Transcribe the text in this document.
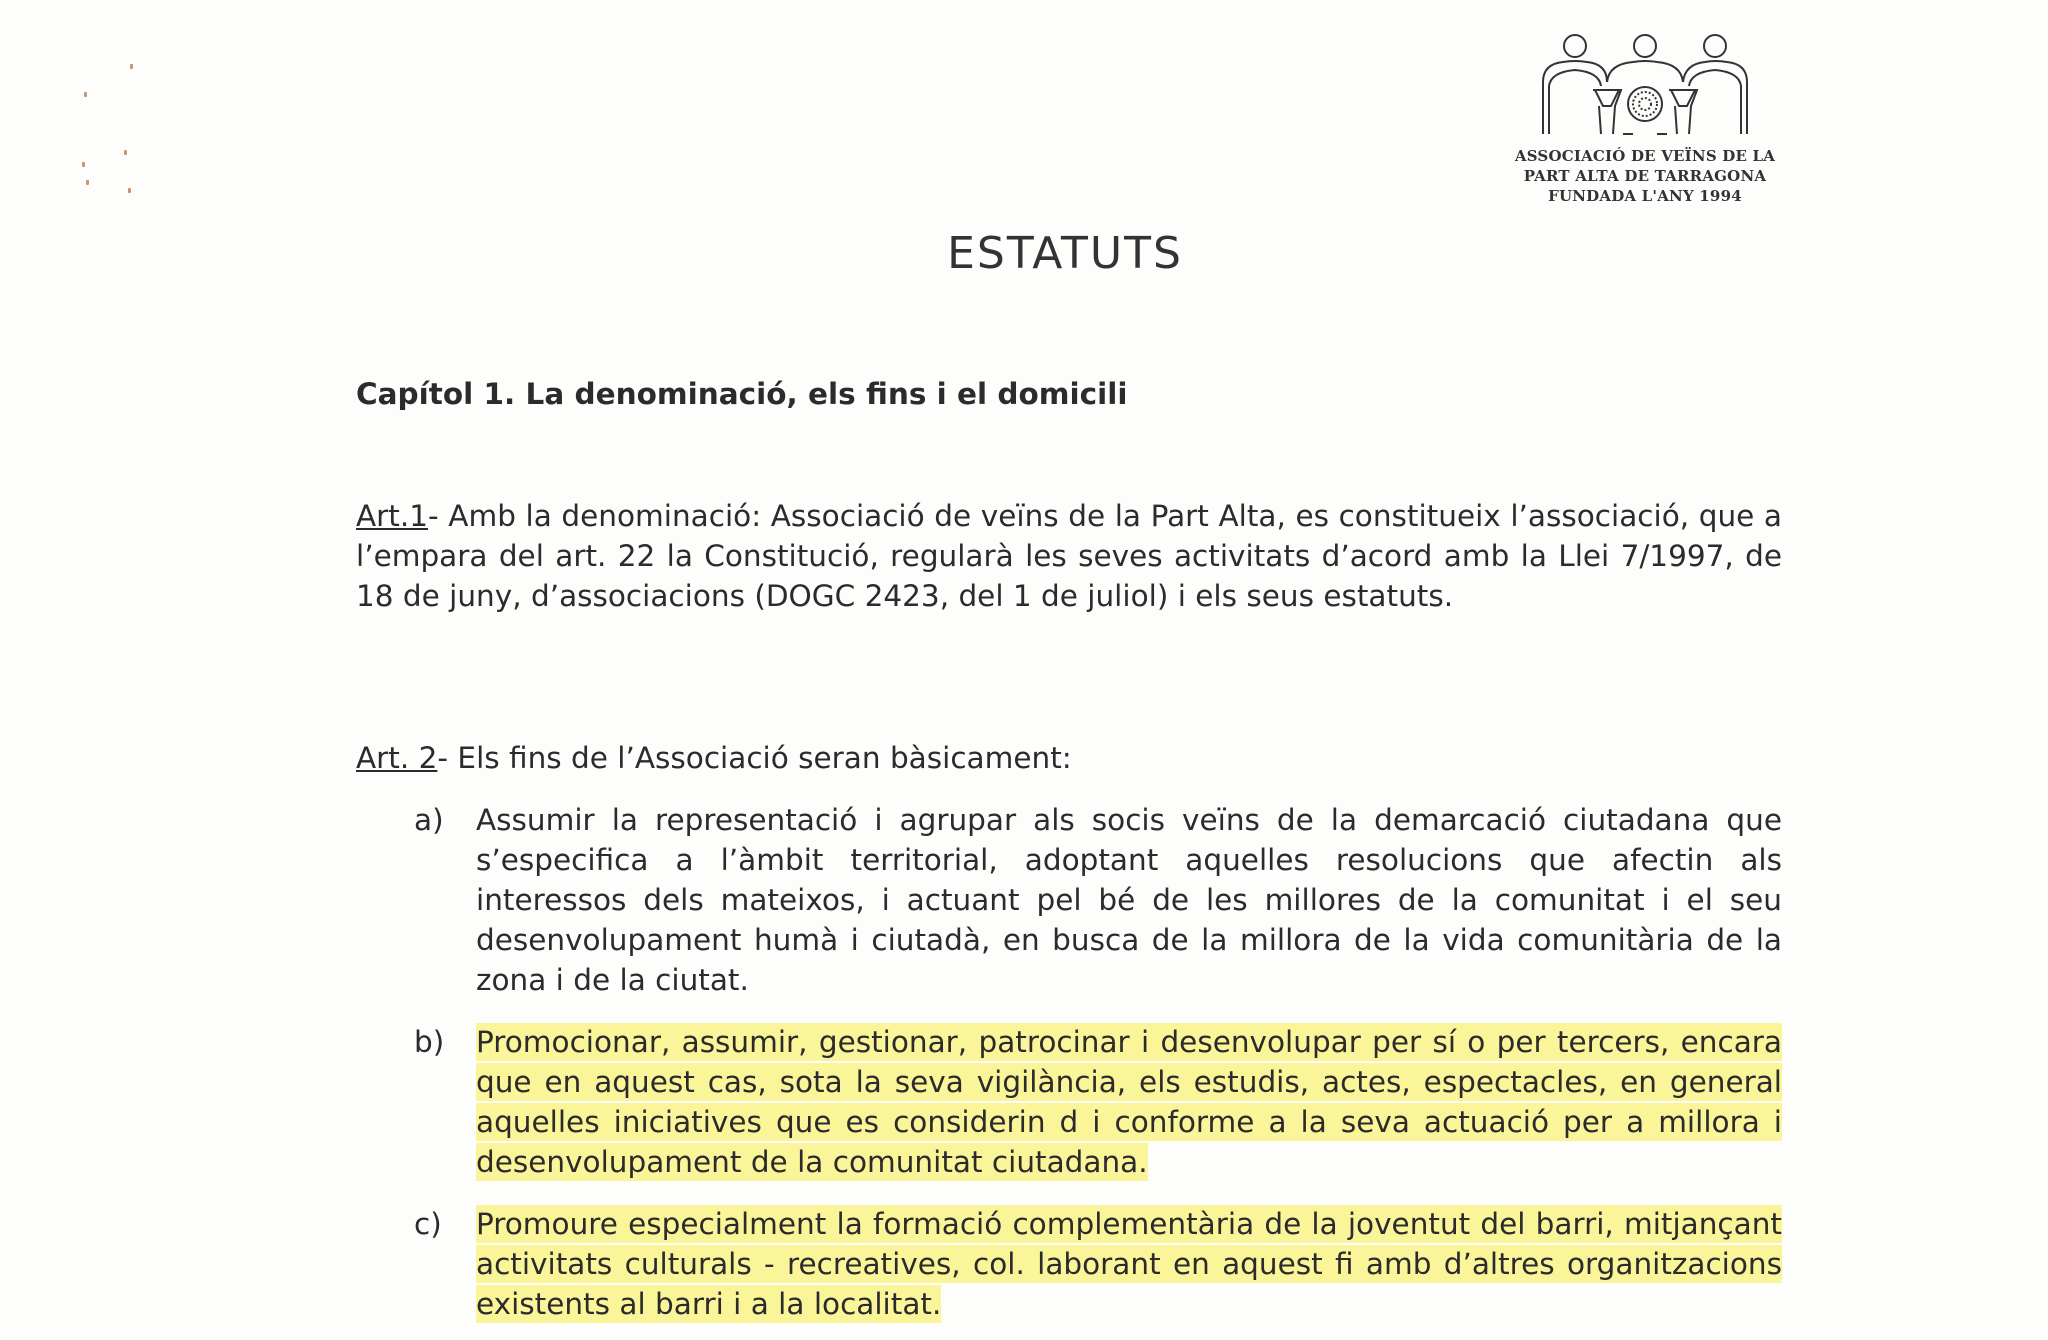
ASSOCIACIÓ DE VEÏNS DE LA
PART ALTA DE TARRAGONA
FUNDADA L'ANY 1994
ESTATUTS
Capítol 1. La denominació, els fins i el domicili
Art.1- Amb la denominació: Associació de veïns de la Part Alta, es constitueix l’associació, que a l’empara del art. 22 la Constitució, regularà les seves activitats d’acord amb la Llei 7/1997, de 18 de juny, d’associacions (DOGC 2423, del 1 de juliol) i els seus estatuts.
Art. 2- Els fins de l’Associació seran bàsicament:
a) Assumir la representació i agrupar als socis veïns de la demarcació ciutadana que s’especifica a l’àmbit territorial, adoptant aquelles resolucions que afectin als interessos dels mateixos, i actuant pel bé de les millores de la comunitat i el seu desenvolupament humà i ciutadà, en busca de la millora de la vida comunitària de la zona i de la ciutat.
b) Promocionar, assumir, gestionar, patrocinar i desenvolupar per sí o per tercers, encara que en aquest cas, sota la seva vigilància, els estudis, actes, espectacles, en general aquelles iniciatives que es considerin d i conforme a la seva actuació per a millora i desenvolupament de la comunitat ciutadana.
c) Promoure especialment la formació complementària de la joventut del barri, mitjançant activitats culturals - recreatives, col. laborant en aquest fi amb d’altres organitzacions existents al barri i a la localitat.
